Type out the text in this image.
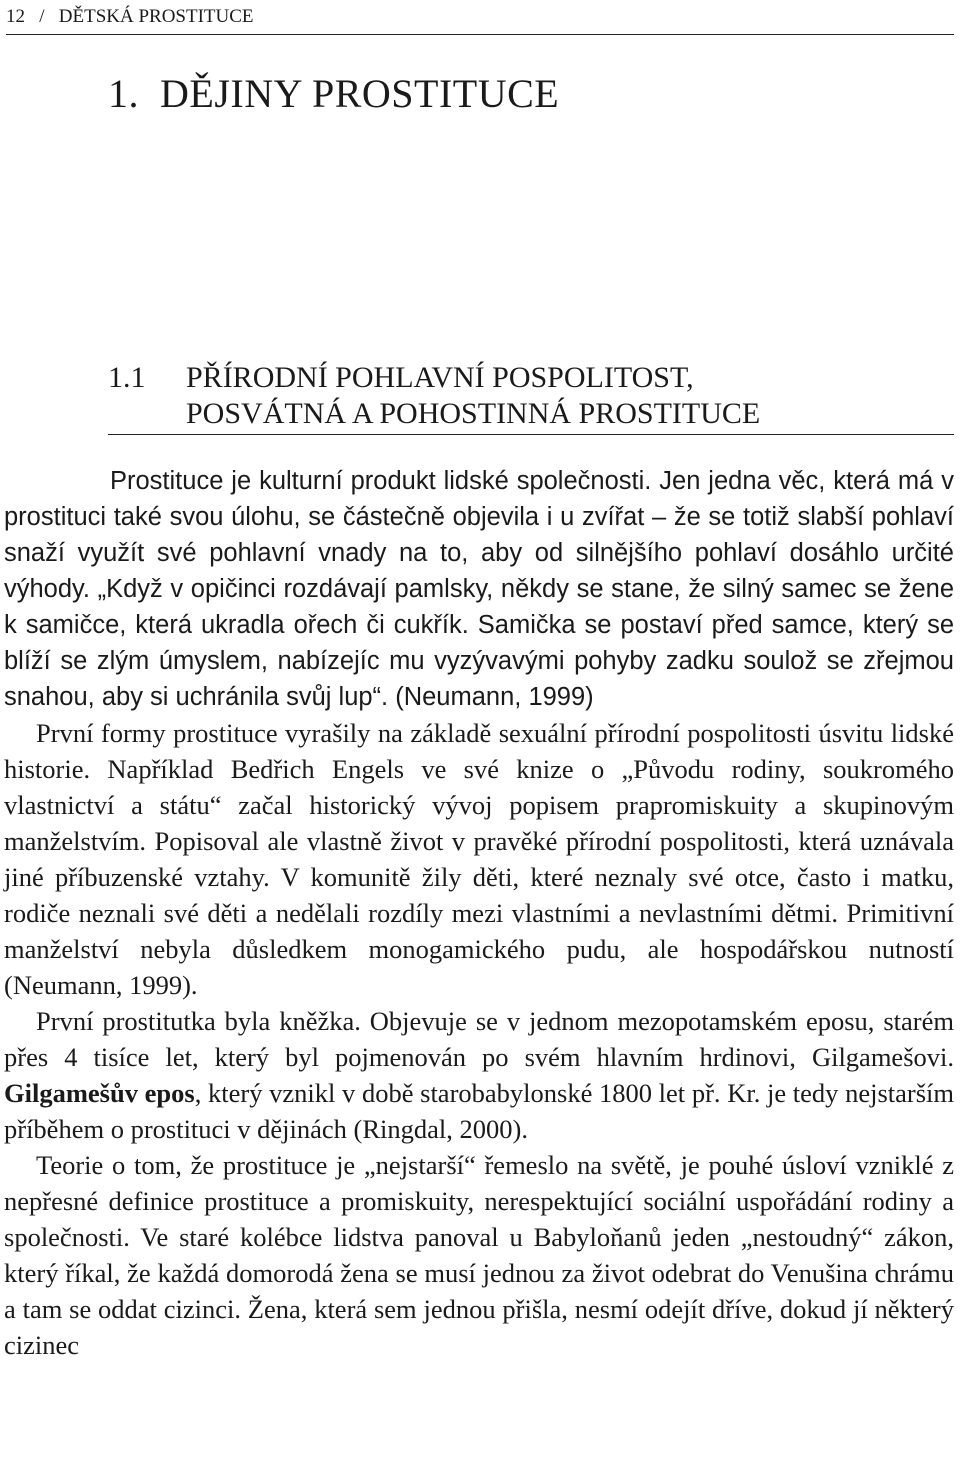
12   /   DĚTSKÁ PROSTITUCE
1.  DĚJINY PROSTITUCE
1.1 PŘÍRODNÍ POHLAVNÍ POSPOLITOST,
POSVÁTNÁ A POHOSTINNÁ PROSTITUCE

Prostituce je kulturní produkt lidské společnosti. Jen jedna věc, která má v prostituci také svou úlohu, se částečně objevila i u zvířat – že se totiž slabší pohlaví snaží využít své pohlavní vnady na to, aby od silnějšího pohlaví dosáhlo určité výhody. „Když v opičinci rozdávají pamlsky, někdy se stane, že silný samec se žene k samičce, která ukradla ořech či cukřík. Samička se postaví před samce, který se blíží se zlým úmyslem, nabízejíc mu vyzývavými pohyby zadku soulož se zřejmou snahou, aby si uchránila svůj lup“. (Neumann, 1999)

První formy prostituce vyrašily na základě sexuální přírodní pospolitosti úsvitu lidské historie. Například Bedřich Engels ve své knize o „Původu rodiny, soukromého vlastnictví a státu“ začal historický vývoj popisem prapromiskuity a skupinovým manželstvím. Popisoval ale vlastně život v pravěké přírodní pospolitosti, která uznávala jiné příbuzenské vztahy. V komunitě žily děti, které neznaly své otce, často i matku, rodiče neznali své děti a nedělali rozdíly mezi vlastními a nevlastními dětmi. Primitivní manželství nebyla důsledkem monogamického pudu, ale hospodářskou nutností (Neumann, 1999).

První prostitutka byla kněžka. Objevuje se v jednom mezopotamském eposu, starém přes 4 tisíce let, který byl pojmenován po svém hlavním hrdinovi, Gilgamešovi. Gilgamešův epos, který vznikl v době starobabylonské 1800 let př. Kr. je tedy nejstarším příběhem o prostituci v dějinách (Ringdal, 2000).

Teorie o tom, že prostituce je „nejstarší“ řemeslo na světě, je pouhé úsloví vzniklé z nepřesné definice prostituce a promiskuity, nerespektující sociální uspořádání rodiny a společnosti. Ve staré kolébce lidstva panoval u Babyloňanů jeden „nestoudný“ zákon, který říkal, že každá domorodá žena se musí jednou za život odebrat do Venušina chrámu a tam se oddat cizinci. Žena, která sem jednou přišla, nesmí odejít dříve, dokud jí některý cizinec
